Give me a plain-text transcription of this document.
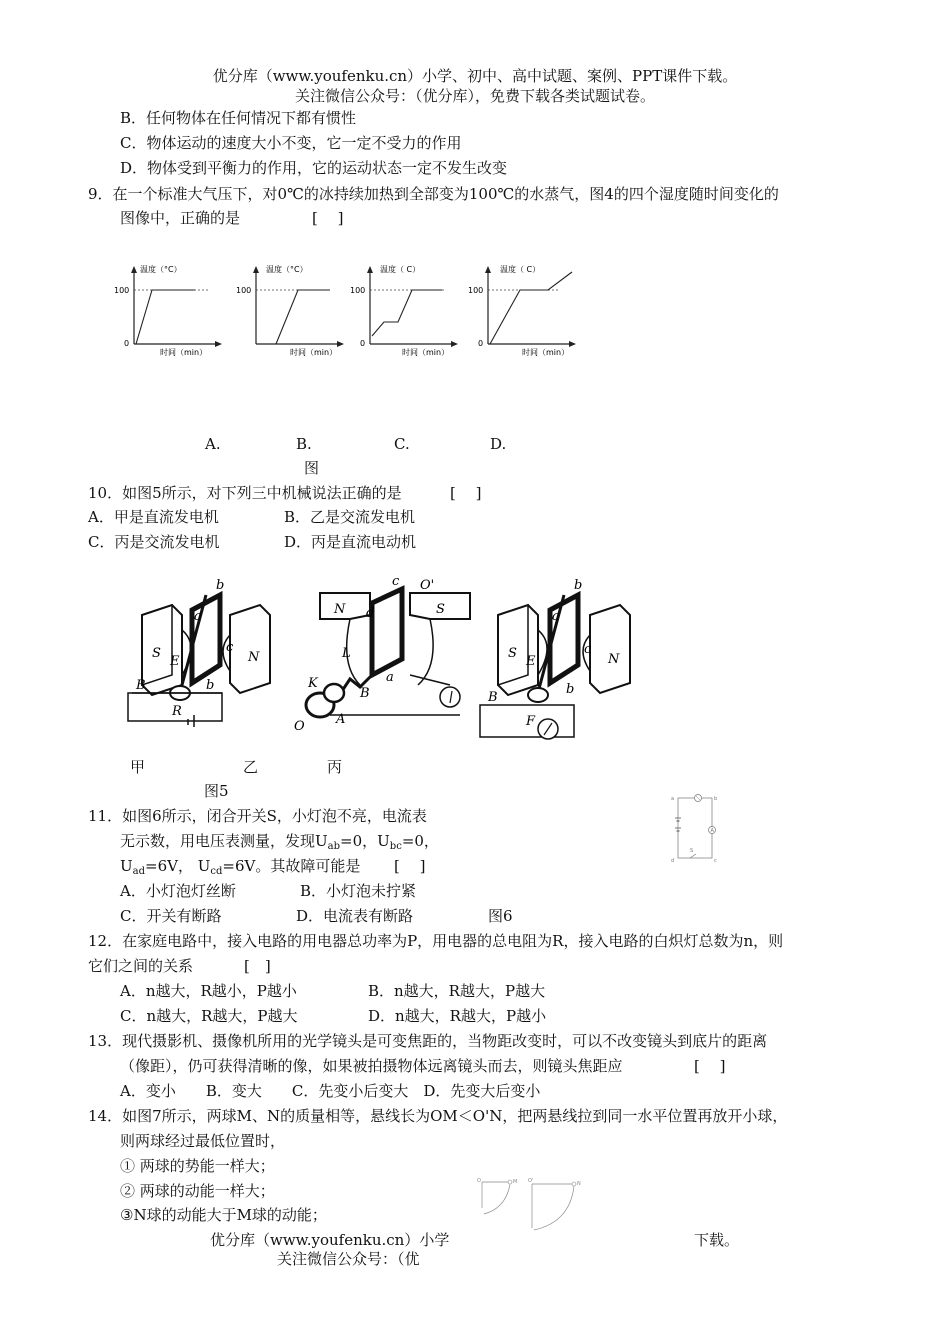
优分库（www.youfenku.cn）小学、初中、高中试题、案例、PPT课件下载。
关注微信公众号：（优分库），免费下载各类试题试卷。
B．任何物体在任何情况下都有惯性
C．物体运动的速度大小不变，它一定不受力的作用
D．物体受到平衡力的作用，它的运动状态一定不发生改变
9．在一个标准大气压下，对0℃的冰持续加热到全部变为100℃的水蒸气，图4的四个湿度随时间变化的
图像中，正确的是	[　 ]
温度（°C）
100
0
时间（min）
温度（°C）
100
时间（min）
温度（ C）
100
0
时间（min）
温度（ C）
100
0
时间（min）
A.	B.	C.	D.
图
10．如图5所示，对下列三中机械说法正确的是	[　 ]
A．甲是直流发电机	B．乙是交流发电机
C．丙是交流发电机	D．丙是直流电动机
b
a
S
E
c
N
B	b
R
c O'
N d	S
L
K
B
a
A
O
b
a
S
E
c
N
B
b
F
甲	乙	丙
图5
11．如图6所示，闭合开关S，小灯泡不亮，电流表
无示数，用电压表测量，发现$U_{ab}=0$，$U_{bc}=0$，
$U_{ad}=6V$， $U_{cd}=6V$。其故障可能是 [　 ]
A．小灯泡灯丝断	B．小灯泡未拧紧
C．开关有断路	D．电流表有断路	图6
a	b
d	c
S
A
12．在家庭电路中，接入电路的用电器总功率为P，用电器的总电阻为R，接入电路的白炽灯总数为n，则
它们之间的关系	[　]
A．n越大，R越小，P越小	B．n越大，R越大，P越大
C．n越大，R越大，P越大	D．n越大，R越大，P越小
13．现代摄影机、摄像机所用的光学镜头是可变焦距的，当物距改变时，可以不改变镜头到底片的距离
（像距），仍可获得清晰的像，如果被拍摄物体远离镜头而去，则镜头焦距应	[　 ]
A．变小　　B．变大　　C．先变小后变大　D．先变大后变小
14．如图7所示，两球M、N的质量相等，悬线长为OM＜O'N，把两悬线拉到同一水平位置再放开小球，
则两球经过最低位置时，
① 两球的势能一样大；
② 两球的动能一样大；
③N球的动能大于M球的动能；
O	M O'	N
优分库（www.youfenku.cn）小学	下载。
关注微信公众号：（优
